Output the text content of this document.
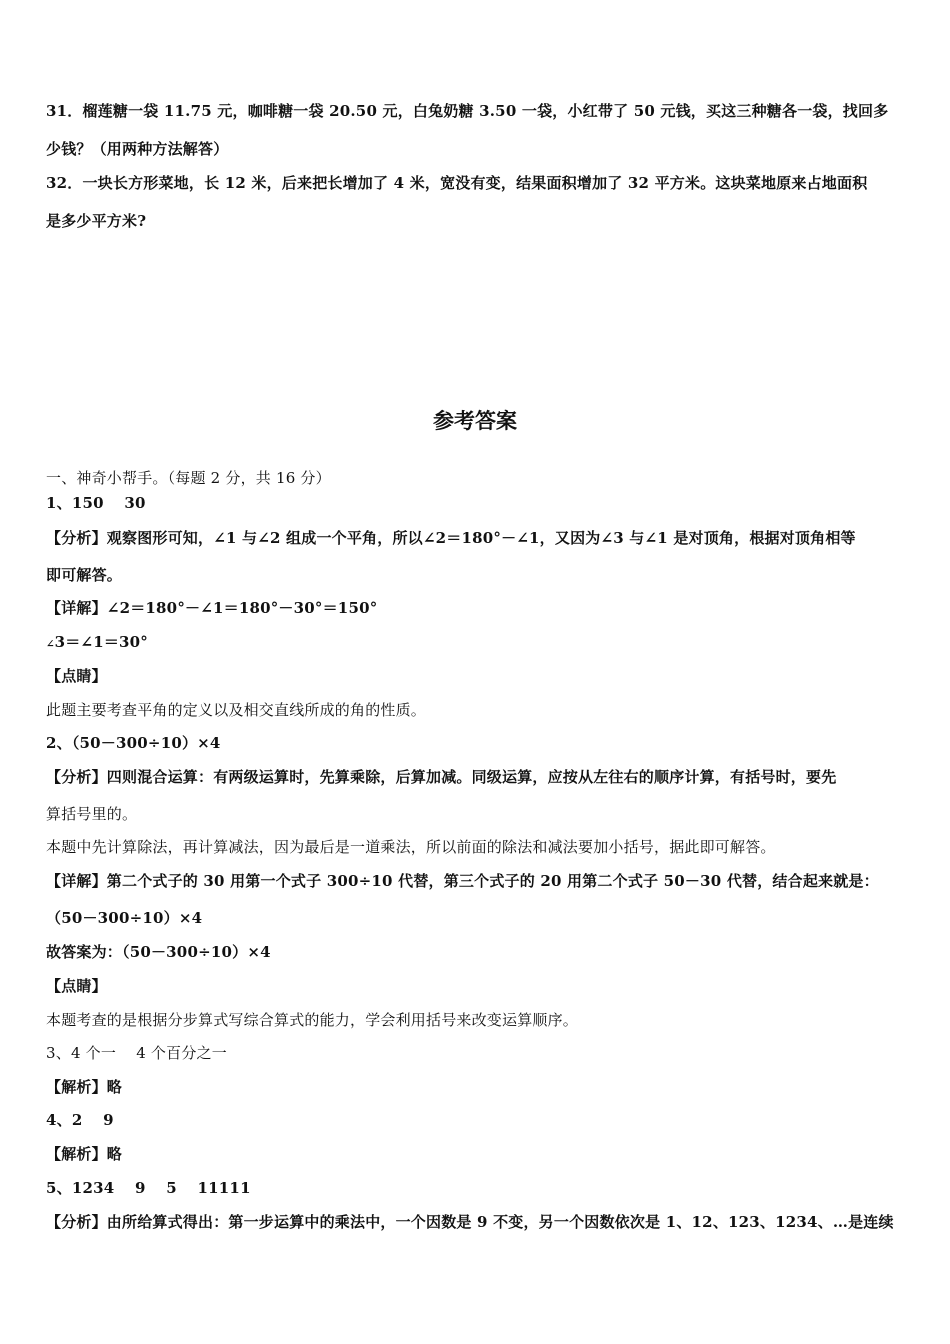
31．榴莲糖一袋 11.75 元，咖啡糖一袋 20.50 元，白兔奶糖 3.50 一袋，小红带了 50 元钱，买这三种糖各一袋，找回多
少钱？（用两种方法解答）
32．一块长方形菜地，长 12 米，后来把长增加了 4 米，宽没有变，结果面积增加了 32 平方米。这块菜地原来占地面积
是多少平方米?
参考答案
一、神奇小帮手。（每题 2 分，共 16 分）
1、150　 30
【分析】观察图形可知，∠1 与∠2 组成一个平角，所以∠2＝180°－∠1，又因为∠3 与∠1 是对顶角，根据对顶角相等
即可解答。
【详解】∠2＝180°－∠1＝180°－30°＝150°
∠3＝∠1＝30°
【点睛】
此题主要考查平角的定义以及相交直线所成的角的性质。
2、（50－300÷10）×4
【分析】四则混合运算：有两级运算时，先算乘除，后算加减。同级运算，应按从左往右的顺序计算，有括号时，要先
算括号里的。
本题中先计算除法，再计算减法，因为最后是一道乘法，所以前面的除法和减法要加小括号，据此即可解答。
【详解】第二个式子的 30 用第一个式子 300÷10 代替，第三个式子的 20 用第二个式子 50－30 代替，结合起来就是：
（50－300÷10）×4
故答案为：（50－300÷10）×4
【点睛】
本题考查的是根据分步算式写综合算式的能力，学会利用括号来改变运算顺序。
3、4 个一　 4 个百分之一
【解析】略
4、2　 9
【解析】略
5、1234　 9　 5　 11111
【分析】由所给算式得出：第一步运算中的乘法中，一个因数是 9 不变，另一个因数依次是 1、12、123、1234、…是连续
